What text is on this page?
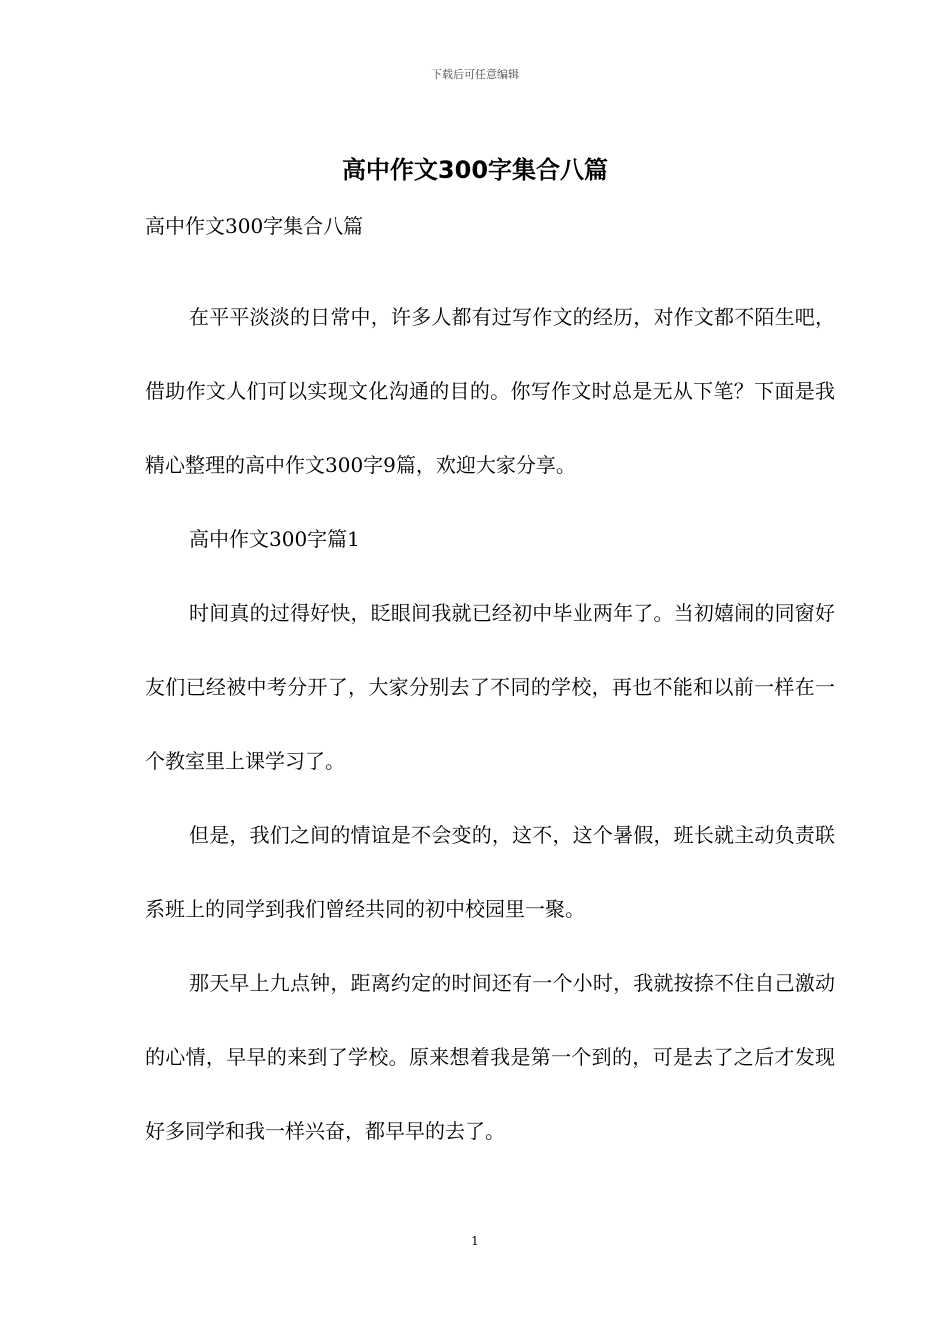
下载后可任意编辑
高中作文300字集合八篇

高中作文300字集合八篇

在平平淡淡的日常中，许多人都有过写作文的经历，对作文都不陌生吧，借助作文人们可以实现文化沟通的目的。你写作文时总是无从下笔？下面是我精心整理的高中作文300字9篇，欢迎大家分享。

高中作文300字篇1

时间真的过得好快，眨眼间我就已经初中毕业两年了。当初嬉闹的同窗好友们已经被中考分开了，大家分别去了不同的学校，再也不能和以前一样在一个教室里上课学习了。

但是，我们之间的情谊是不会变的，这不，这个暑假，班长就主动负责联系班上的同学到我们曾经共同的初中校园里一聚。

那天早上九点钟，距离约定的时间还有一个小时，我就按捺不住自己激动的心情，早早的来到了学校。原来想着我是第一个到的，可是去了之后才发现好多同学和我一样兴奋，都早早的去了。

1
